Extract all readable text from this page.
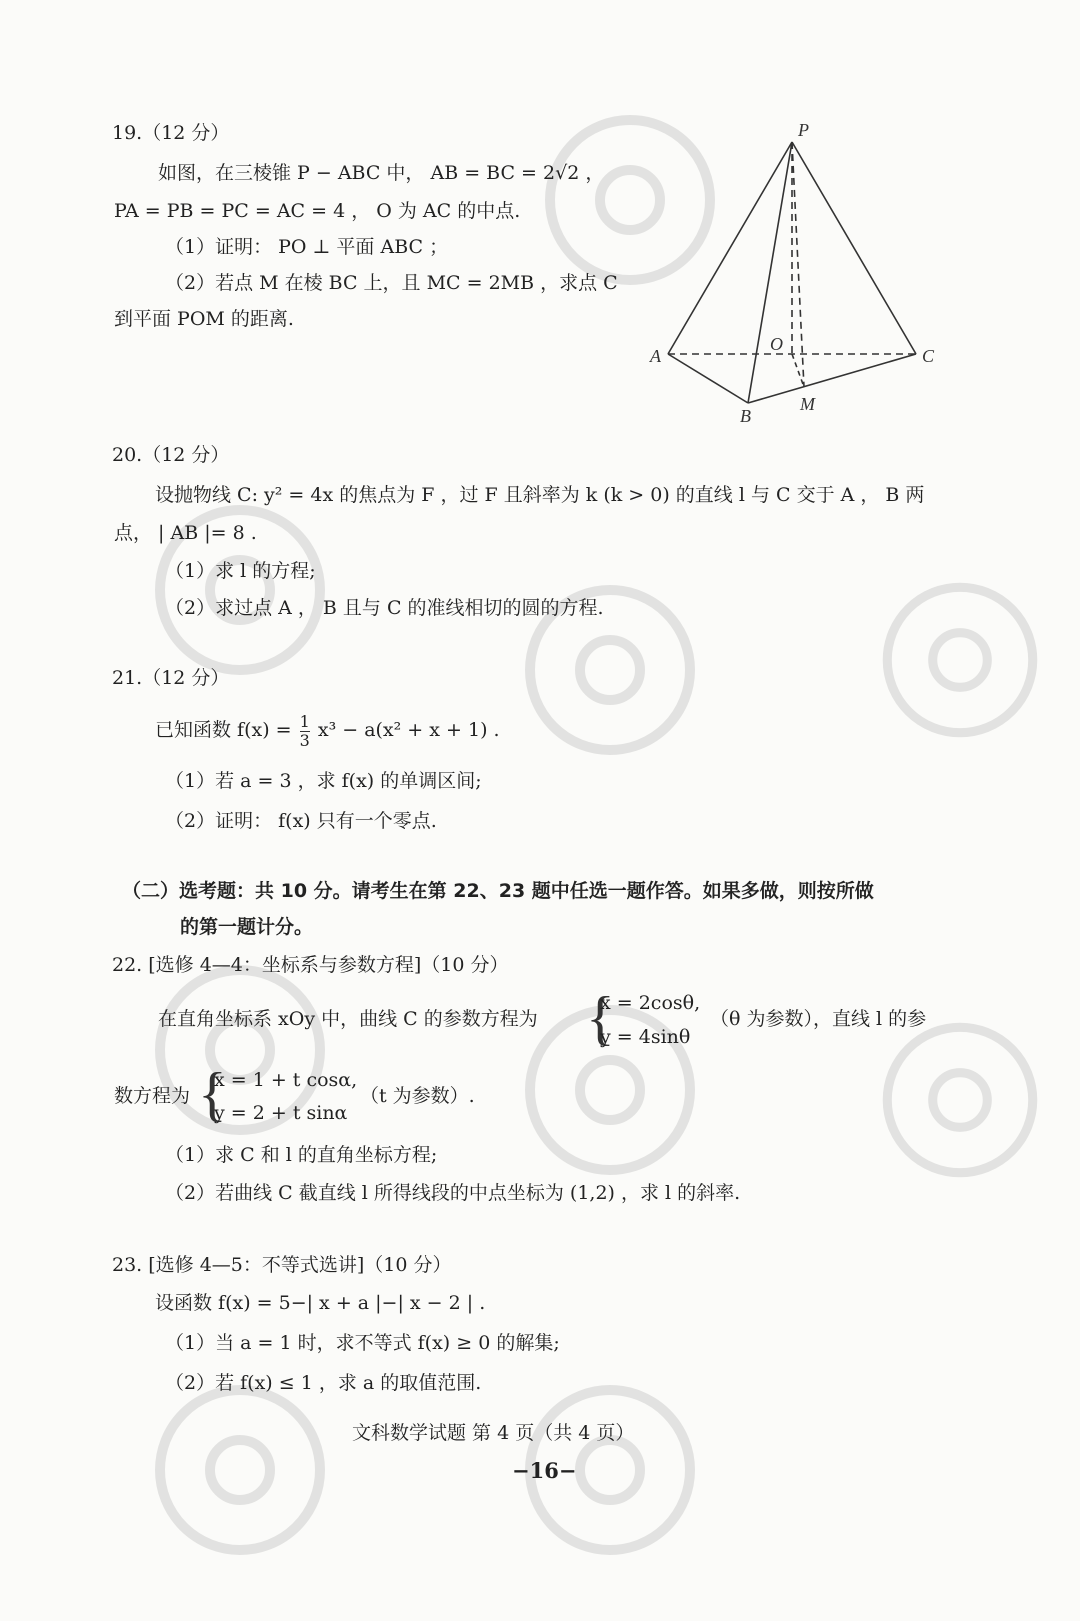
19.（12 分）
如图，在三棱锥 P − ABC 中， AB = BC = 2√2 ，
PA = PB = PC = AC = 4 ， O 为 AC 的中点.
（1）证明： PO ⊥ 平面 ABC ；
（2）若点 M 在棱 BC 上，且 MC = 2MB ，求点 C
到平面 POM 的距离.
P
A	C
B
O
M
20.（12 分）
设抛物线 C: y² = 4x 的焦点为 F ，过 F 且斜率为 k (k > 0) 的直线 l 与 C 交于 A ， B 两
点， | AB |= 8 .
（1）求 l 的方程;
（2）求过点 A ， B 且与 C 的准线相切的圆的方程.
21.（12 分）
已知函数 $f(x) = \frac{1}{3} x^3 - a(x^2 + x + 1)$ .
（1）若 a = 3 ，求 f(x) 的单调区间;
（2）证明： f(x) 只有一个零点.
（二）选考题：共 10 分。请考生在第 22、23 题中任选一题作答。如果多做，则按所做
的第一题计分。
22. [选修 4—4：坐标系与参数方程]（10 分）
在直角坐标系 xOy 中，曲线 C 的参数方程为 {
x = 2cosθ,
y = 4sinθ
（θ 为参数），直线 l 的参
数方程为 {
x = 1 + t cosα,
y = 2 + t sinα
（t 为参数）.
（1）求 C 和 l 的直角坐标方程;
（2）若曲线 C 截直线 l 所得线段的中点坐标为 (1,2) ，求 l 的斜率.
23. [选修 4—5：不等式选讲]（10 分）
设函数 f(x) = 5−| x + a |−| x − 2 | .
（1）当 a = 1 时，求不等式 f(x) ≥ 0 的解集;
（2）若 f(x) ≤ 1 ，求 a 的取值范围.
文科数学试题 第 4 页（共 4 页）
−16−
